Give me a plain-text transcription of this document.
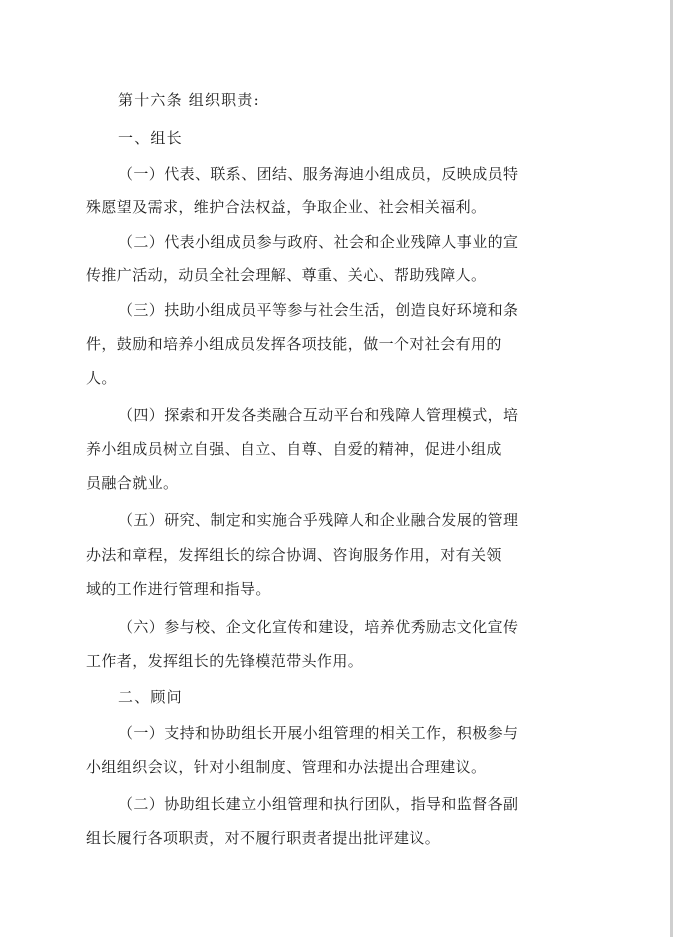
第十六条 组织职责:
一、组长
（一）代表、联系、团结、服务海迪小组成员，反映成员特
殊愿望及需求，维护合法权益，争取企业、社会相关福利。
（二）代表小组成员参与政府、社会和企业残障人事业的宣
传推广活动，动员全社会理解、尊重、关心、帮助残障人。
（三）扶助小组成员平等参与社会生活，创造良好环境和条
件，鼓励和培养小组成员发挥各项技能，做一个对社会有用的
人。
（四）探索和开发各类融合互动平台和残障人管理模式，培
养小组成员树立自强、自立、自尊、自爱的精神，促进小组成
员融合就业。
（五）研究、制定和实施合乎残障人和企业融合发展的管理
办法和章程，发挥组长的综合协调、咨询服务作用，对有关领
域的工作进行管理和指导。
（六）参与校、企文化宣传和建设，培养优秀励志文化宣传
工作者，发挥组长的先锋模范带头作用。
二、顾问
（一）支持和协助组长开展小组管理的相关工作，积极参与
小组组织会议，针对小组制度、管理和办法提出合理建议。
（二）协助组长建立小组管理和执行团队，指导和监督各副
组长履行各项职责，对不履行职责者提出批评建议。
